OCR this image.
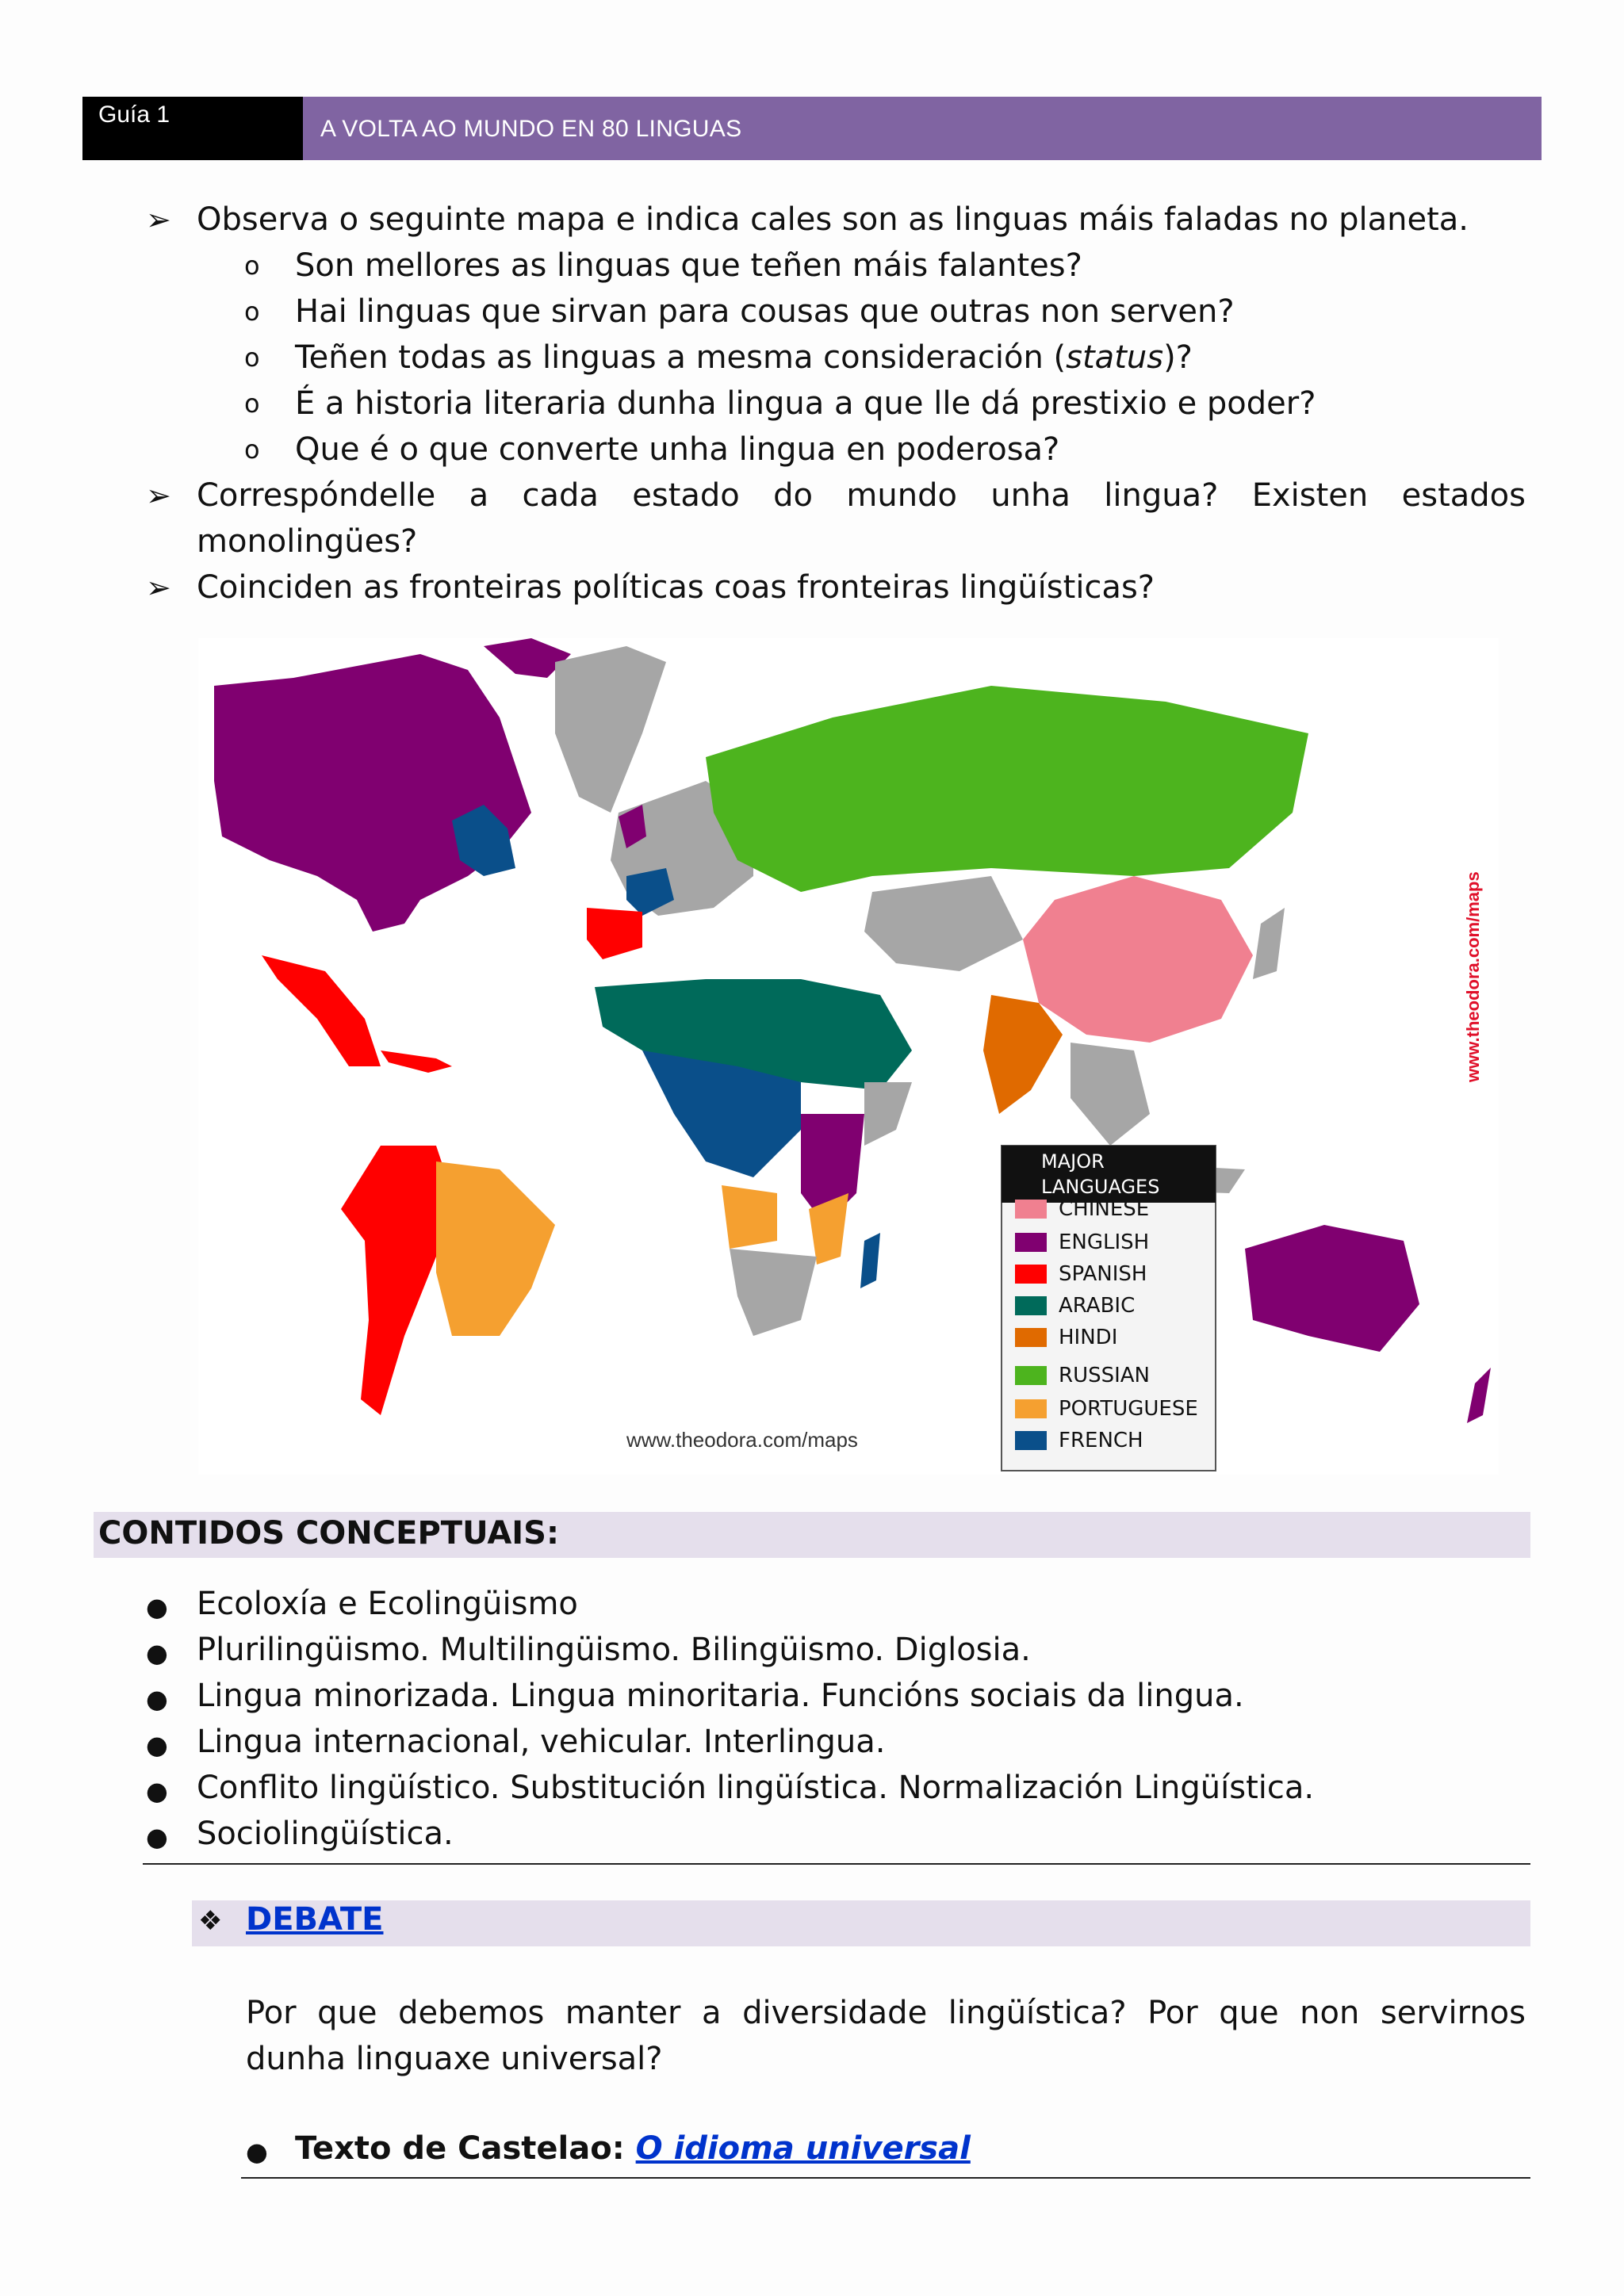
Guía 1
A VOLTA AO MUNDO EN 80 LINGUAS
➢ Observa o seguinte mapa e indica cales son as linguas máis faladas no planeta.
o Son mellores as linguas que teñen máis falantes?
o Hai linguas que sirvan para cousas que outras non serven?
o Teñen todas as linguas a mesma consideración (status)?
o É a historia literaria dunha lingua a que lle dá prestixio e poder?
o Que é o que converte unha lingua en poderosa?
➢ Correspóndelle a cada estado do mundo unha lingua? Existen estados
monolingües?
➢ Coinciden as fronteiras políticas coas fronteiras lingüísticas?
MAJOR
LANGUAGES
CHINESE
ENGLISH
SPANISH
ARABIC
HINDI
RUSSIAN
PORTUGUESE
FRENCH
www.theodora.com/maps
www.theodora.com/maps
CONTIDOS CONCEPTUAIS:
● Ecoloxía e Ecolingüismo
● Plurilingüismo. Multilingüismo. Bilingüismo. Diglosia.
● Lingua minorizada. Lingua minoritaria. Funcións sociais da lingua.
● Lingua internacional, vehicular. Interlingua.
● Conflito lingüístico. Substitución lingüística. Normalización Lingüística.
● Sociolingüística.
❖ DEBATE
Por que debemos manter a diversidade lingüística? Por que non servirnos dunha linguaxe universal?
● Texto de Castelao: O idioma universal
